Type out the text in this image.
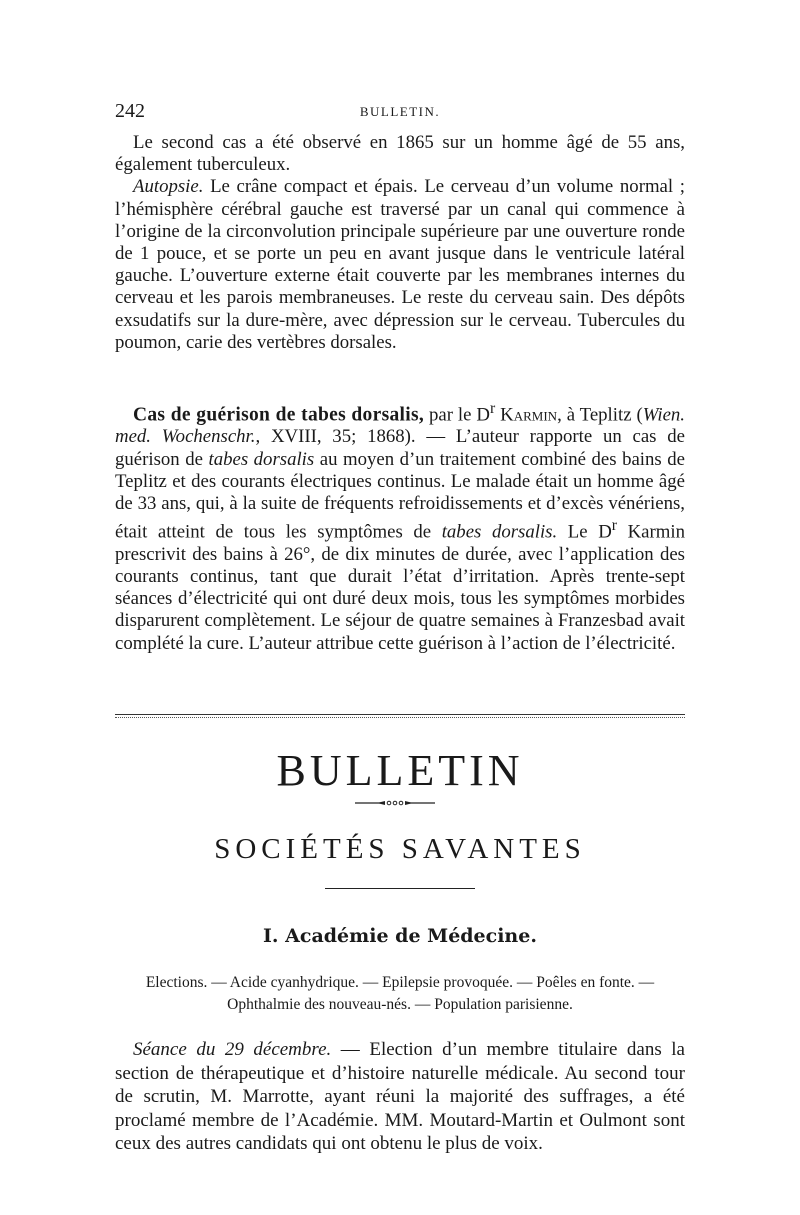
242	BULLETIN.

Le second cas a été observé en 1865 sur un homme âgé de 55 ans, également tuberculeux.

Autopsie. Le crâne compact et épais. Le cerveau d’un volume normal ; l’hémisphère cérébral gauche est traversé par un canal qui commence à l’origine de la circonvolution principale supérieure par une ouverture ronde de 1 pouce, et se porte un peu en avant jusque dans le ventricule latéral gauche. L’ouverture externe était couverte par les membranes internes du cerveau et les parois membraneuses. Le reste du cerveau sain. Des dépôts exsudatifs sur la dure-mère, avec dépression sur le cerveau. Tubercules du poumon, carie des vertèbres dorsales.

Cas de guérison de tabes dorsalis, par le $D^r$ Karmin, à Teplitz (Wien. med. Wochenschr., XVIII, 35; 1868). — L’auteur rapporte un cas de guérison de tabes dorsalis au moyen d’un traitement combiné des bains de Teplitz et des courants électriques continus. Le malade était un homme âgé de 33 ans, qui, à la suite de fréquents refroidissements et d’excès vénériens, était atteint de tous les symptômes de tabes dorsalis. Le $D^r$ Karmin prescrivit des bains à 26°, de dix minutes de durée, avec l’application des courants continus, tant que durait l’état d’irritation. Après trente-sept séances d’électricité qui ont duré deux mois, tous les symptômes morbides disparurent complètement. Le séjour de quatre semaines à Franzesbad avait complété la cure. L’auteur attribue cette guérison à l’action de l’électricité.

BULLETIN
SOCIÉTÉS SAVANTES
I. Académie de Médecine.
Elections. — Acide cyanhydrique. — Epilepsie provoquée. — Poêles en fonte. —
Ophthalmie des nouveau-nés. — Population parisienne.

Séance du 29 décembre. — Election d’un membre titulaire dans la section de thérapeutique et d’histoire naturelle médicale. Au second tour de scrutin, M. Marrotte, ayant réuni la majorité des suffrages, a été proclamé membre de l’Académie. MM. Moutard-Martin et Oulmont sont ceux des autres candidats qui ont obtenu le plus de voix.
